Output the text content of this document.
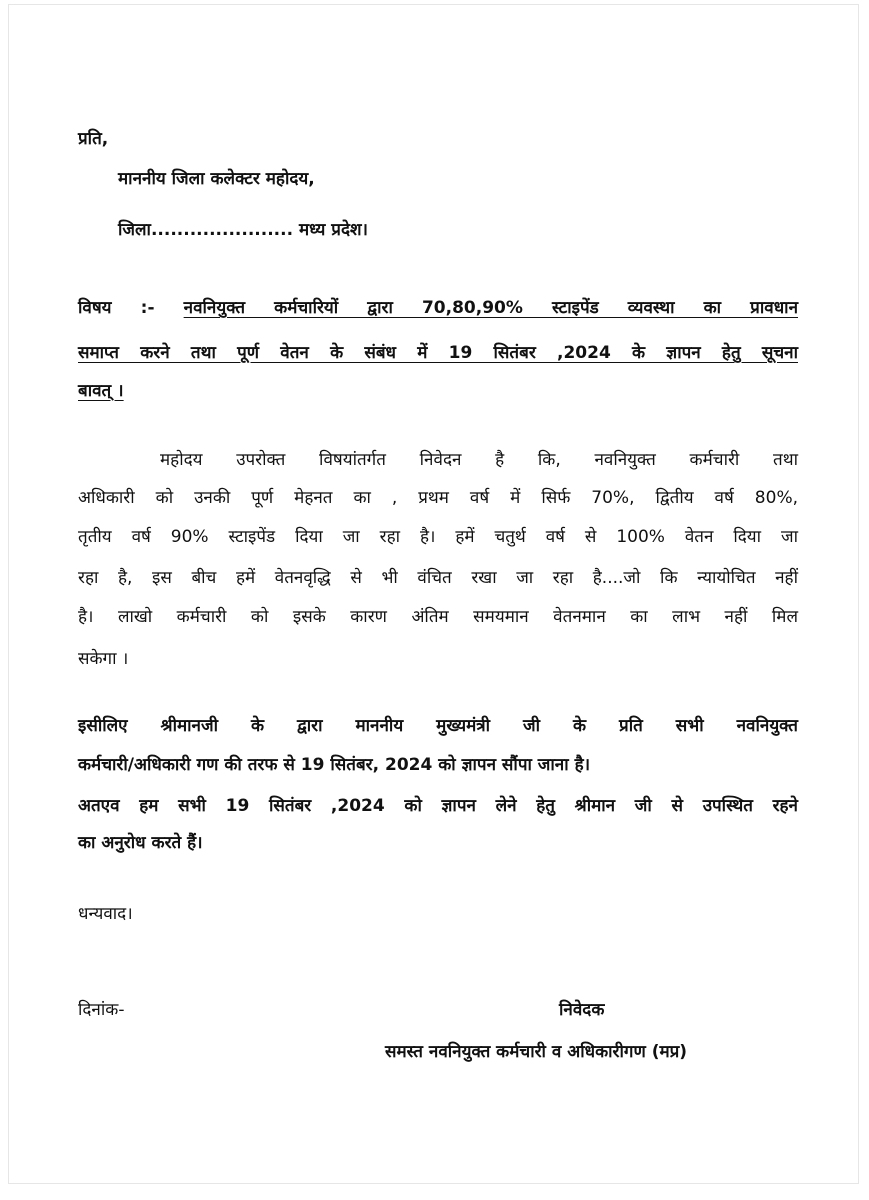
प्रति,
माननीय जिला कलेक्टर महोदय,
जिला...................... मध्य प्रदेश।
विषय :- नवनियुक्त कर्मचारियों द्वारा 70,80,90% स्टाइपेंड व्यवस्था का प्रावधान
समाप्त करने तथा पूर्ण वेतन के संबंध में 19 सितंबर ,2024 के ज्ञापन हेतु सूचना
बावत् ।
महोदय उपरोक्त विषयांतर्गत निवेदन है कि, नवनियुक्त कर्मचारी तथा
अधिकारी को उनकी पूर्ण मेहनत का , प्रथम वर्ष में सिर्फ 70%, द्वितीय वर्ष 80%,
तृतीय वर्ष 90% स्टाइपेंड दिया जा रहा है। हमें चतुर्थ वर्ष से 100% वेतन दिया जा
रहा है, इस बीच हमें वेतनवृद्धि से भी वंचित रखा जा रहा है....जो कि न्यायोचित नहीं
है। लाखो कर्मचारी को इसके कारण अंतिम समयमान वेतनमान का लाभ नहीं मिल
सकेगा ।
इसीलिए श्रीमानजी के द्वारा माननीय मुख्यमंत्री जी के प्रति सभी नवनियुक्त
कर्मचारी/अधिकारी गण की तरफ से 19 सितंबर, 2024 को ज्ञापन सौंपा जाना है।
अतएव हम सभी 19 सितंबर ,2024 को ज्ञापन लेने हेतु श्रीमान जी से उपस्थित रहने
का अनुरोध करते हैं।
धन्यवाद।
दिनांक-	निवेदक
समस्त नवनियुक्त कर्मचारी व अधिकारीगण (मप्र)
